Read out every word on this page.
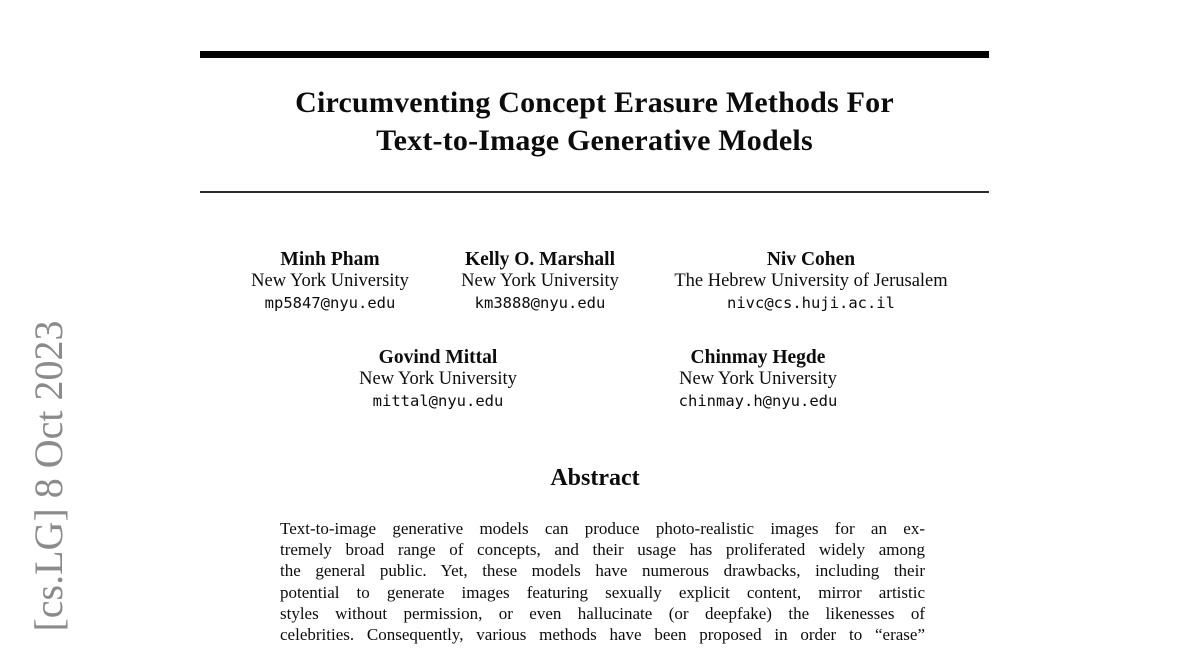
[cs.LG] 8 Oct 2023
Circumventing Concept Erasure Methods For
Text-to-Image Generative Models
Minh Pham
New York University
mp5847@nyu.edu
Kelly O. Marshall
New York University
km3888@nyu.edu
Niv Cohen
The Hebrew University of Jerusalem
nivc@cs.huji.ac.il
Govind Mittal
New York University
mittal@nyu.edu
Chinmay Hegde
New York University
chinmay.h@nyu.edu
Abstract
Text-to-image generative models can produce photo-realistic images for an ex-
tremely broad range of concepts, and their usage has proliferated widely among
the general public. Yet, these models have numerous drawbacks, including their
potential to generate images featuring sexually explicit content, mirror artistic
styles without permission, or even hallucinate (or deepfake) the likenesses of
celebrities. Consequently, various methods have been proposed in order to “erase”
